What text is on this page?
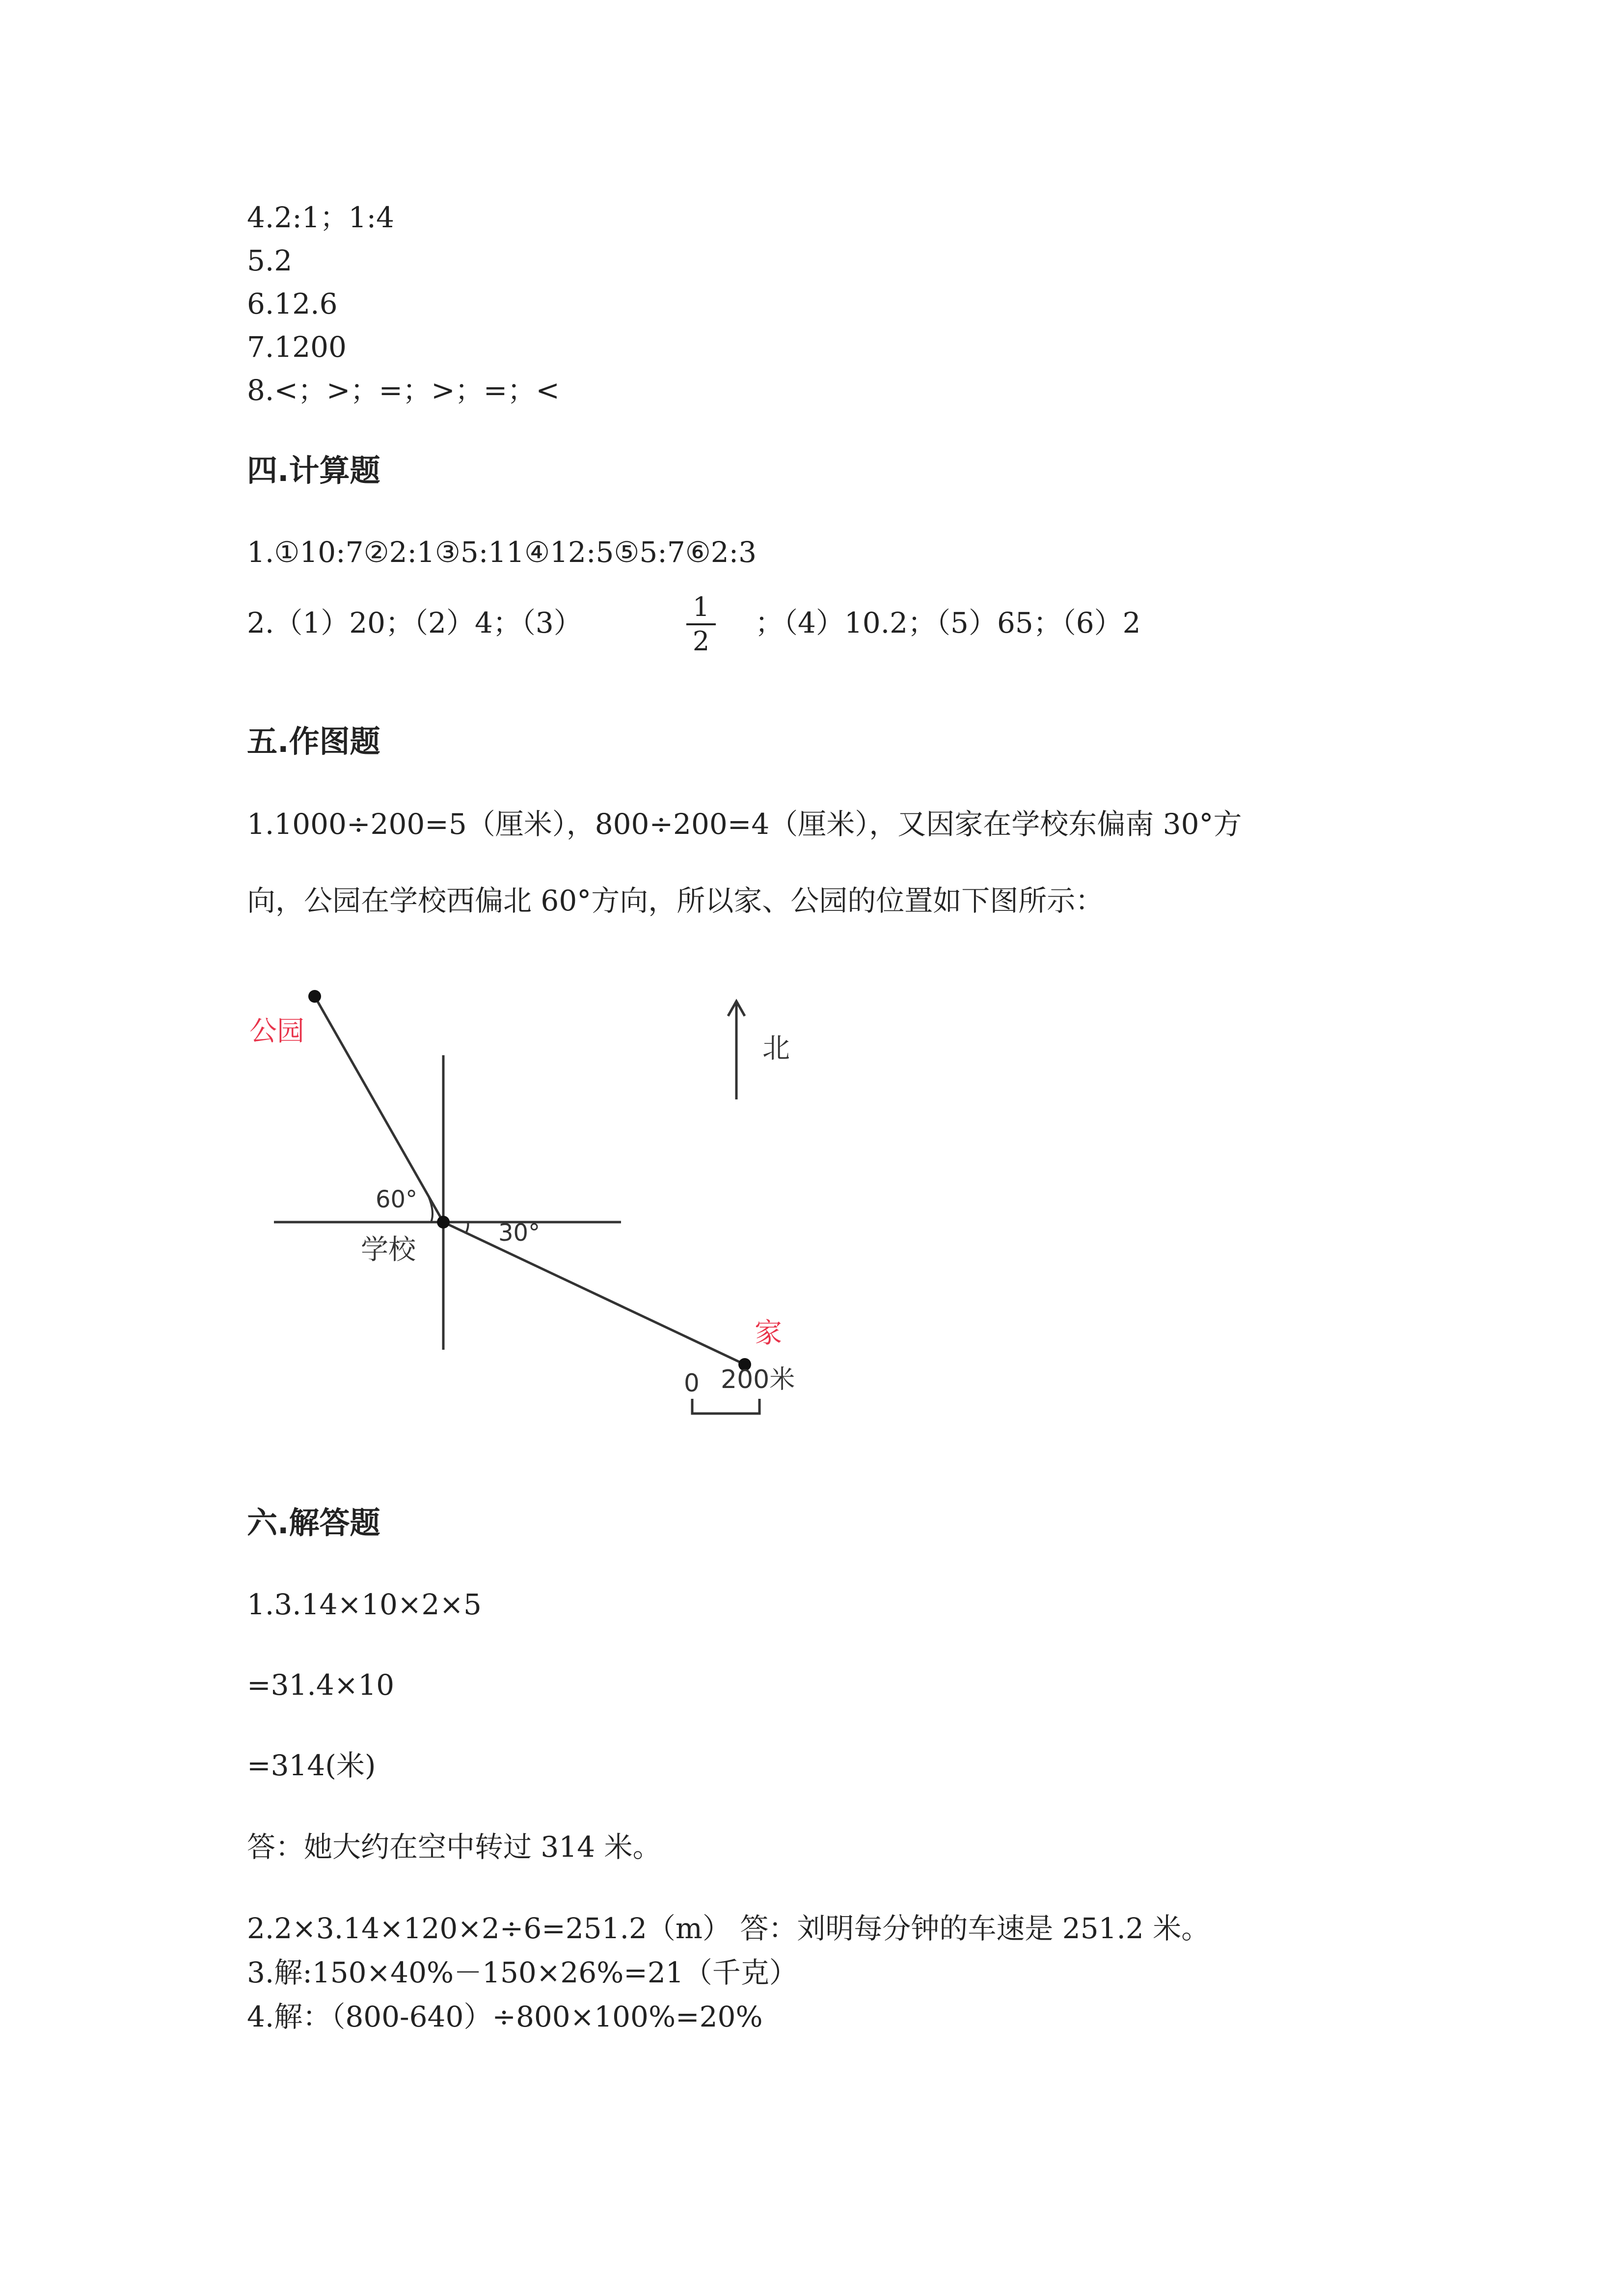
4.2:1；1:4
5.2
6.12.6
7.1200
8.<；>；=；>；=；<
四.计算题
1.①10:7②2:1③5:11④12:5⑤5:7⑥2:3
2.（1）20；（2）4；（3）	1
2
；（4）10.2；（5）65；（6）2
五.作图题
1.1000÷200=5（厘米），800÷200=4（厘米），又因家在学校东偏南 30°方
向，公园在学校西偏北 60°方向，所以家、公园的位置如下图所示：
公园
北
60°
30°
学校
家
0 200米
六.解答题
1.3.14×10×2×5
=31.4×10
=314(米)
答：她大约在空中转过 314 米。
2.2×3.14×120×2÷6=251.2（m） 答：刘明每分钟的车速是 251.2 米。
3.解:150×40%－150×26%=21（千克）
4.解：（800-640）÷800×100%=20%
